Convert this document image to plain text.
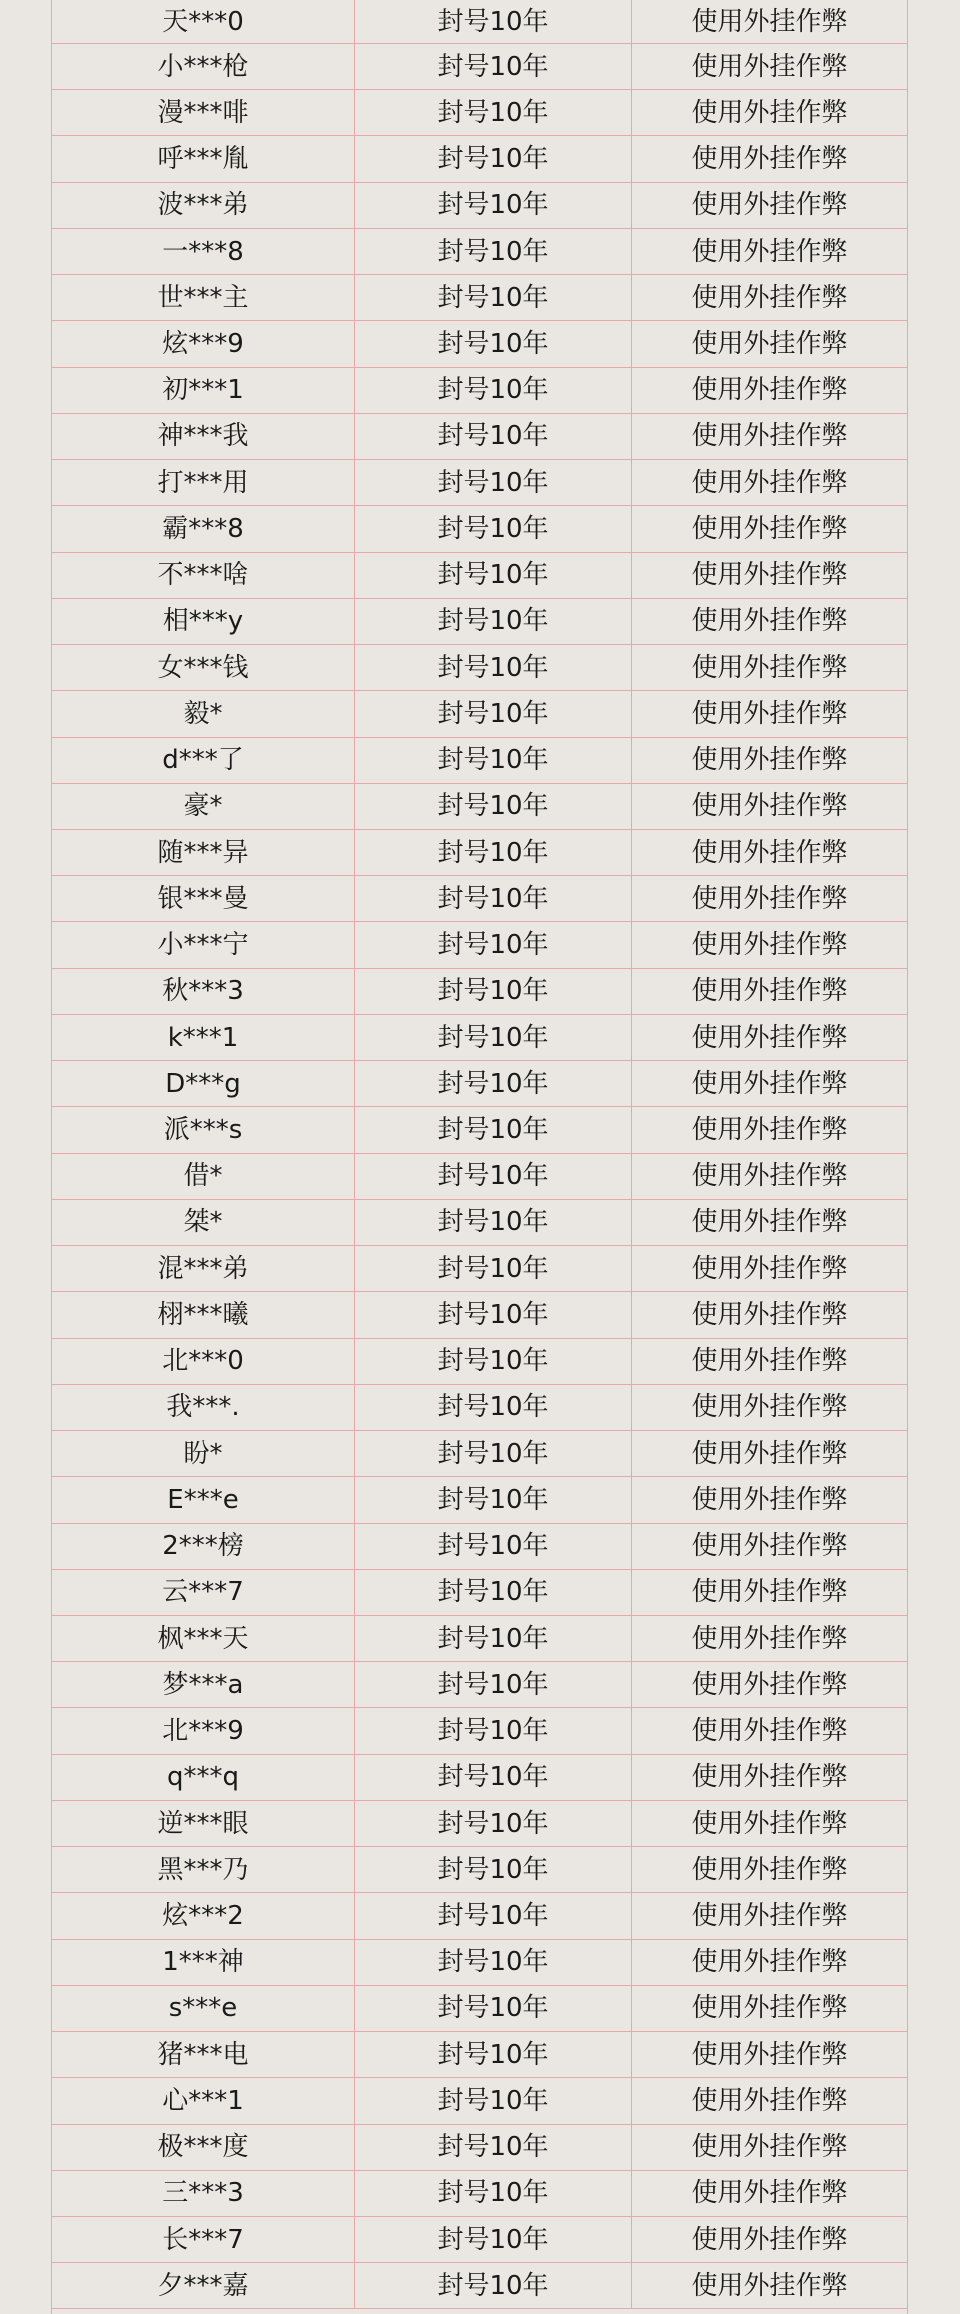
天***0	封号10年	使用外挂作弊
小***枪	封号10年	使用外挂作弊
漫***啡	封号10年	使用外挂作弊
呼***胤	封号10年	使用外挂作弊
波***弟	封号10年	使用外挂作弊
一***8	封号10年	使用外挂作弊
世***主	封号10年	使用外挂作弊
炫***9	封号10年	使用外挂作弊
初***1	封号10年	使用外挂作弊
神***我	封号10年	使用外挂作弊
打***用	封号10年	使用外挂作弊
霸***8	封号10年	使用外挂作弊
不***啥	封号10年	使用外挂作弊
相***y	封号10年	使用外挂作弊
女***钱	封号10年	使用外挂作弊
毅*	封号10年	使用外挂作弊
d***了	封号10年	使用外挂作弊
豪*	封号10年	使用外挂作弊
随***异	封号10年	使用外挂作弊
银***曼	封号10年	使用外挂作弊
小***宁	封号10年	使用外挂作弊
秋***3	封号10年	使用外挂作弊
k***1	封号10年	使用外挂作弊
D***g	封号10年	使用外挂作弊
派***s	封号10年	使用外挂作弊
借*	封号10年	使用外挂作弊
桀*	封号10年	使用外挂作弊
混***弟	封号10年	使用外挂作弊
栩***曦	封号10年	使用外挂作弊
北***0	封号10年	使用外挂作弊
我***.	封号10年	使用外挂作弊
盼*	封号10年	使用外挂作弊
E***e	封号10年	使用外挂作弊
2***榜	封号10年	使用外挂作弊
云***7	封号10年	使用外挂作弊
枫***天	封号10年	使用外挂作弊
梦***a	封号10年	使用外挂作弊
北***9	封号10年	使用外挂作弊
q***q	封号10年	使用外挂作弊
逆***眼	封号10年	使用外挂作弊
黑***乃	封号10年	使用外挂作弊
炫***2	封号10年	使用外挂作弊
1***神	封号10年	使用外挂作弊
s***e	封号10年	使用外挂作弊
猪***电	封号10年	使用外挂作弊
心***1	封号10年	使用外挂作弊
极***度	封号10年	使用外挂作弊
三***3	封号10年	使用外挂作弊
长***7	封号10年	使用外挂作弊
夕***嘉	封号10年	使用外挂作弊
